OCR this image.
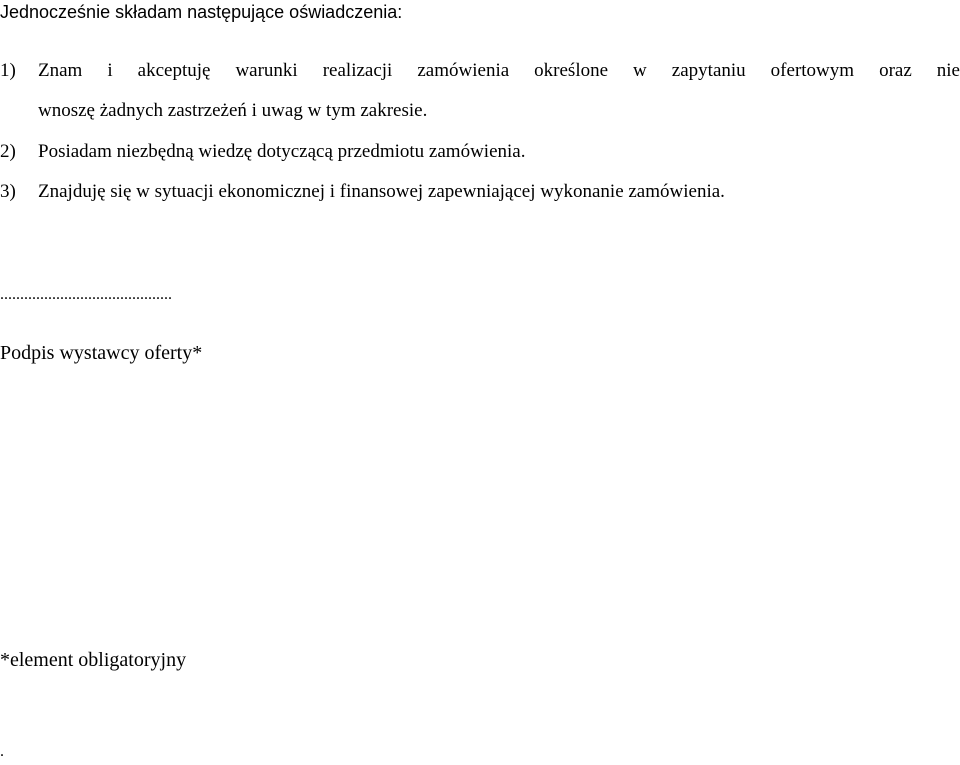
Jednocześnie składam następujące oświadczenia:
1) Znam i akceptuję warunki realizacji zamówienia określone w zapytaniu ofertowym oraz nie
wnoszę żadnych zastrzeżeń i uwag w tym zakresie.
2) Posiadam niezbędną wiedzę dotyczącą przedmiotu zamówienia.
3) Znajduję się w sytuacji ekonomicznej i finansowej zapewniającej wykonanie zamówienia.
...........................................
Podpis wystawcy oferty*
*element obligatoryjny
.
